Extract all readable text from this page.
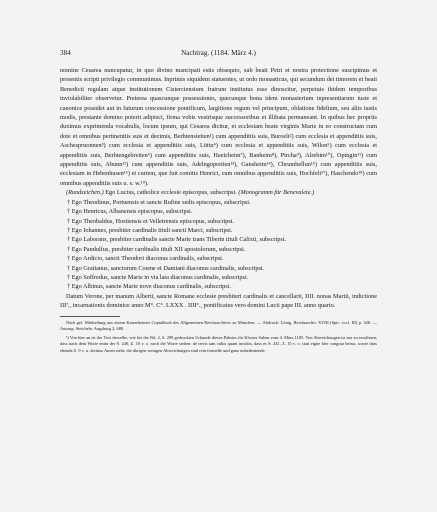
384	Nachtrag. (1184. März 4.)

nomine Cesarea nuncupatur, in quo divino mancipati estis obsequio, sub beati Petri et nostra protectione suscipimus et presentis scripti privilegio communimus. Inprimis siquidem statuentes, ut ordo monasticus, qui secundum dei timorem et beati Benedicti regulam atque institutionem Cisterciensium fratrum institutus esse dinoscitur, perpetuis ibidem temporibus inviolabiliter observetur. Preterea quascunque possessiones, quecunque bona idem monasterium inpresentiarum iuste et canonice possidet aut in futurum concessione pontificum, largitione regum vel principum, oblatione fidelium, seu aliis iustis modis, prestante domino poterit adipisci, firma vobis vestrisque successoribus et illibata permaneant. In quibus hec propriis duximus exprimenda vocabulis, locum ipsum, qui Cesarea dicitur, et ecclesiam beate virginis Marie in eo constructam cum dote et omnibus pertinentiis suis et decimis, Berhtenstetten¹) cum appenditiis suis, Buroelt²) cum ecclesia et appenditiis suis, Aschespruonnen³) cum ecclesia et appenditiis suis, Lüttu⁴) cum ecclesia et appenditiis suis, Wilon⁵) cum ecclesia et appenditiis suis, Berhtengebreiten⁶) cum appenditiis suis, Haeicheim⁷), Banheim⁸), Pircha⁹), Alrebim¹⁰), Opingin¹¹) cum appenditiis suis, Abunn¹²) cum appenditiis suis, Adelngopreiten¹³), Gansheim¹⁴), Chrumbellun¹⁵) cum appenditiis suis, ecclesiam in Hebenhusen¹⁶) et curtem, que fuit comitis Henrici, cum omnibus appenditiis suis, Hochfelt¹⁷), Haschendo¹⁸) cum omnibus appenditiis suis u. s. w.¹⁹).

(Rundzeichen.) Ego Lucius, catholice ecclesie episcopus, subscripsi. (Monogramm für Benevalete.)

† Ego Theodinus, Portuensis et sancte Rufine sedis episcopus, subscripsi.
† Ego Henricus, Albanensis episcopus, subscripsi.
† Ego Theobaldus, Hostiensis et Velletrensis episcopus, subscripsi.
† Ego Iohannes, presbiter cardinalis tituli sancti Marci, subscripsi.
† Ego Laborans, presbiter cardinalis sancte Marie trans Tiberin tituli Calixti, subscripsi.
† Ego Pandulfus, presbiter cardinalis tituli XII apostolorum, subscripsi.
† Ego Ardicio, sancti Theodori diaconus cardinalis, subscripsi.
† Ego Gratianus, sanctorum Cosme et Damiani diaconus cardinalis, subscripsi.
† Ego Soffredus, sancte Marie in via lata diaconus cardinalis, subscripsi.
† Ego Albinus, sancte Marie nove diaconus cardinalis, subscripsi.

Datum Verone, per manum Alberti, sancte Romane ecclesie presbiteri cardinalis et cancellarii, IIII. nonas Martii, indictione IIIª., incarnationis dominice anno M°. C°. LXXX . IIII°., pontificatus vero domini Lucii pape III. anno quarto.

Nach gef. Mittheilung aus einem Kaiserheimer Copialbuch des Allgemeinen Reichsarchives zu München. — Abdruck: Lönig, Reichsarchiv XVIII (Spic. eccl. III) p. 326. — Auszug: Steichele, Augsburg 2, 680.

¹) Von hier an ist der Text derselbe, wie bei der Bd. 2, S. 299 gedruckten Urkunde dieses Pabstes für Kloster Salem vom 4. März 1185. Von Abweichungen ist nur zu erwähnen, dass nach dem Worte enim der S. 240, Z. 10 v. o. noch die Worte stehen: de terris tam cultis quam incultis, dass es S. 241, Z. 15 v. o. statt eigne hier congrua heisst, sowie dass ebenda Z. 9 v. u. divinus Amen steht; die übrigen wenigen Abweichungen sind rein formelle und ganz unbedeutende.
